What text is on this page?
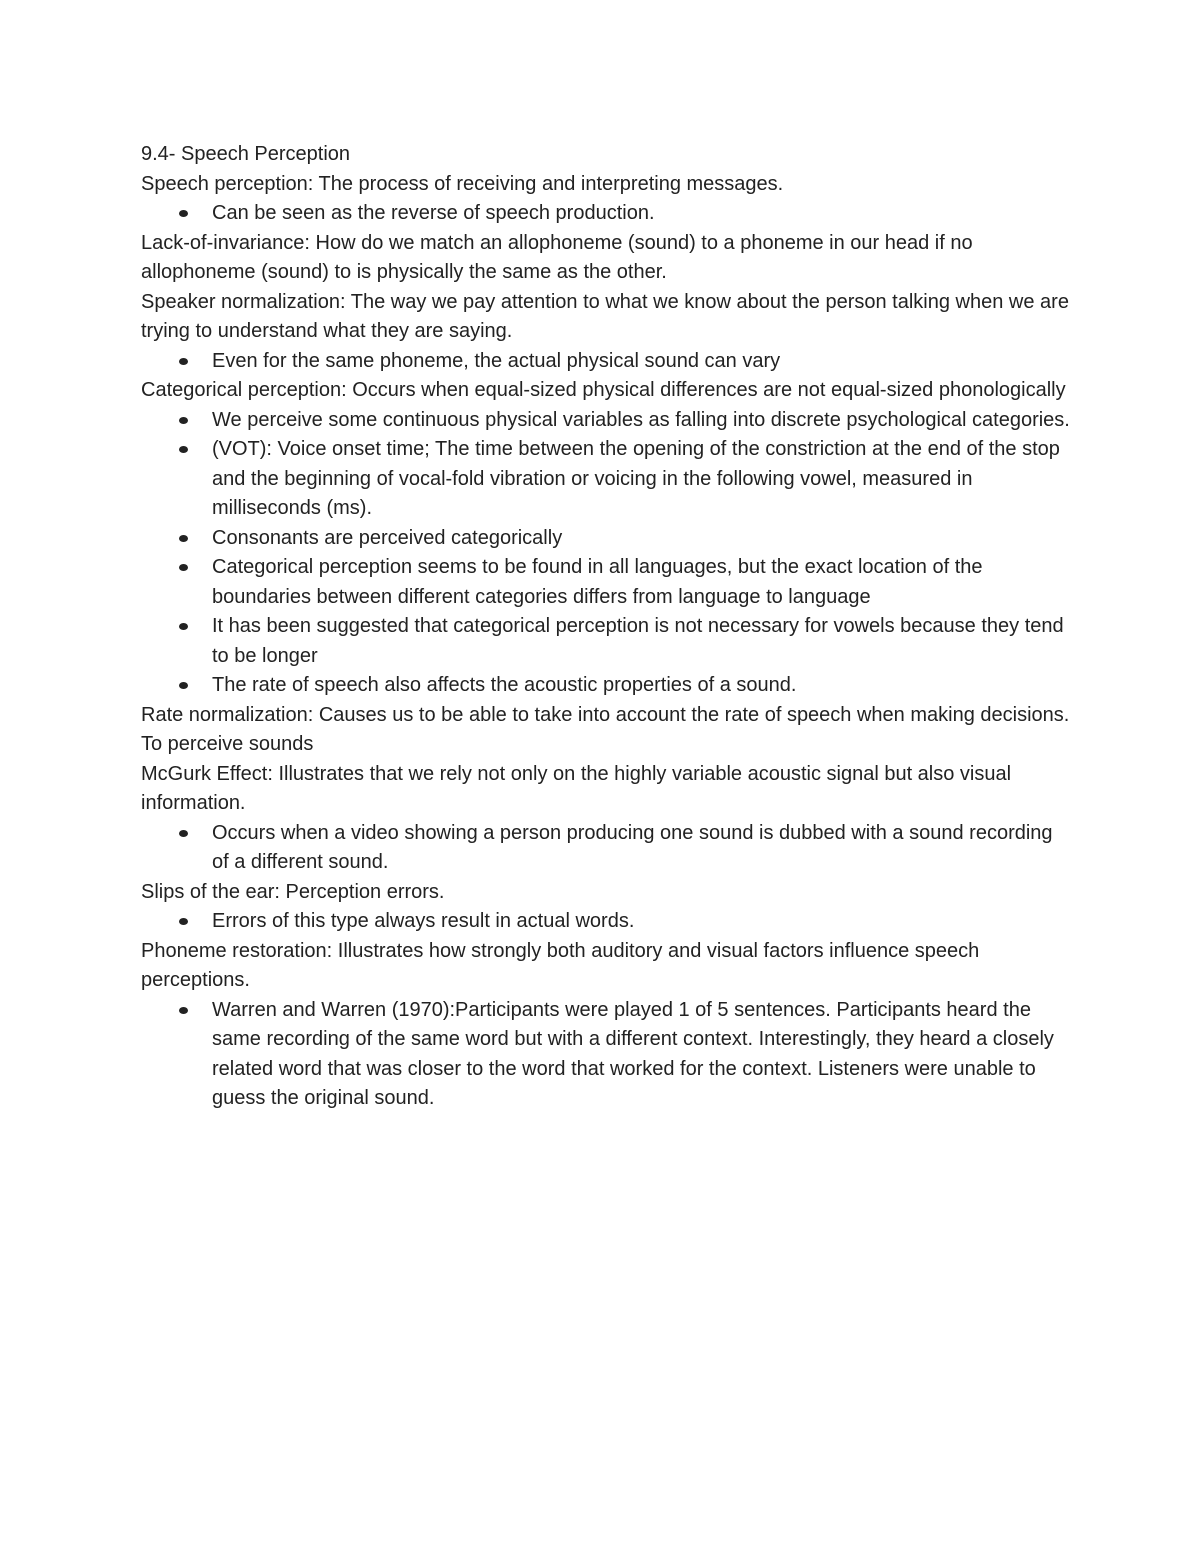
9.4- Speech Perception

Speech perception: The process of receiving and interpreting messages.

Can be seen as the reverse of speech production.

Lack-of-invariance: How do we match an allophoneme (sound) to a phoneme in our head if no allophoneme (sound) to is physically the same as the other.

Speaker normalization: The way we pay attention to what we know about the person talking when we are trying to understand what they are saying.

Even for the same phoneme, the actual physical sound can vary

Categorical perception: Occurs when equal-sized physical differences are not equal-sized phonologically

We perceive some continuous physical variables as falling into discrete psychological categories.
(VOT): Voice onset time; The time between the opening of the constriction at the end of the stop and the beginning of vocal-fold vibration or voicing in the following vowel, measured in milliseconds (ms).
Consonants are perceived categorically
Categorical perception seems to be found in all languages, but the exact location of the boundaries between different categories differs from language to language
It has been suggested that categorical perception is not necessary for vowels because they tend to be longer
The rate of speech also affects the acoustic properties of a sound.

Rate normalization: Causes us to be able to take into account the rate of speech when making decisions. To perceive sounds

McGurk Effect: Illustrates that we rely not only on the highly variable acoustic signal but also visual information.

Occurs when a video showing a person producing one sound is dubbed with a sound recording of a different sound.

Slips of the ear: Perception errors.

Errors of this type always result in actual words.

Phoneme restoration: Illustrates how strongly both auditory and visual factors influence speech perceptions.

Warren and Warren (1970):Participants were played 1 of 5 sentences. Participants heard the same recording of the same word but with a different context. Interestingly, they heard a closely related word that was closer to the word that worked for the context. Listeners were unable to guess the original sound.
